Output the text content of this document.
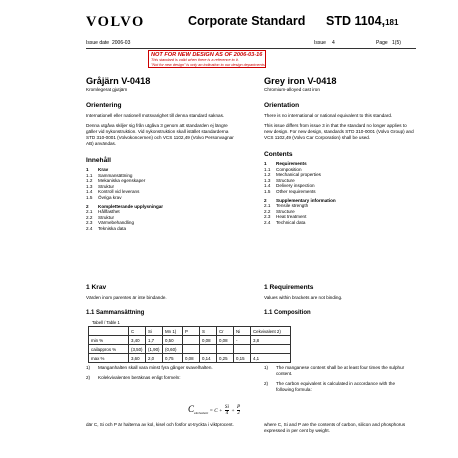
VOLVO	Corporate Standard STD 1104,181
Issue date 2006-03	Issue 4	Page 1(5)
NOT FOR NEW DESIGN AS OF 2006-03-16
This standard is valid when there is a reference to it.
"Not for new design" is only an indication to our design departments.
Gråjärn V-0418
Kromlegerat gjutjärn
Orientering
Internationell eller nationell motsvarighet till denna standard saknas.
Denna utgåva skiljer sig från utgåva 3 genom att standarden ej längre gäller vid nykonstruktion. Vid nykonstruktion skall istället standarderna STD 310-0001 (Volvokoncernen) och VCS 1102,49 (Volvo Personvagnar AB) användas.
Innehåll
1	Krav
1.1	Sammansättning
1.2	Mekaniska egenskaper
1.3	Struktur
1.4	Kontroll vid leverans
1.5	Övriga krav
2	Kompletterande upplysningar
2.1	Hållfasthet
2.2	Struktur
2.3	Värmebehandling
2.4	Tekniska data
Grey iron V-0418
Chromium-alloyed cast iron
Orientation
There is no international or national equivalent to this standard.
This issue differs from issue 3 in that the standard no longer applies to new design. For new design, standards STD 310-0001 (Volvo Group) and VCS 1102,49 (Volvo Car Corporation) shall be used.
Contents
1	Requirements
1.1	Composition
1.2	Mechanical properties
1.3	Structure
1.4	Delivery inspection
1.5	Other requirements
2	Supplementary information
2.1	Tensile strength
2.2	Structure
2.3	Heat treatment
2.4	Technical data
1 Krav	1 Requirements
Värden inom parentes är inte bindande.	Values within brackets are not binding.
1.1 Sammansättning	1.1 Composition
Tabell / Table 1
	C	Si	Mn 1)	P	S	Cr	Ni	Cekvivalent 2)
min %	3,40	1,7	0,50		0,08	0,08	-	3,8
cailappros %	(3,50)	(1,90)	(0,60)					
max %	3,60	2,0	0,75	0,08	0,14	0,25	0,15	4,1
1)	Manganhalten skall vara minst fyra gånger svavelhalten.
2)	Kolekvivalenten beräknas enligt formeln:
1)	The manganese content shall be at least four times the sulphur content.
2)	The carbon equivalent is calculated in accordance with the following formula:
$C_{ekvivalent} = C + \frac{Si}{4} + \frac{P}{2}$
där C, Si och P är halterna av kol, kisel och fosfor ut-tryckta i viktprocent.	where C, Si and P are the contents of carbon, silicon and phosphorus expressed in per cent by weight.
